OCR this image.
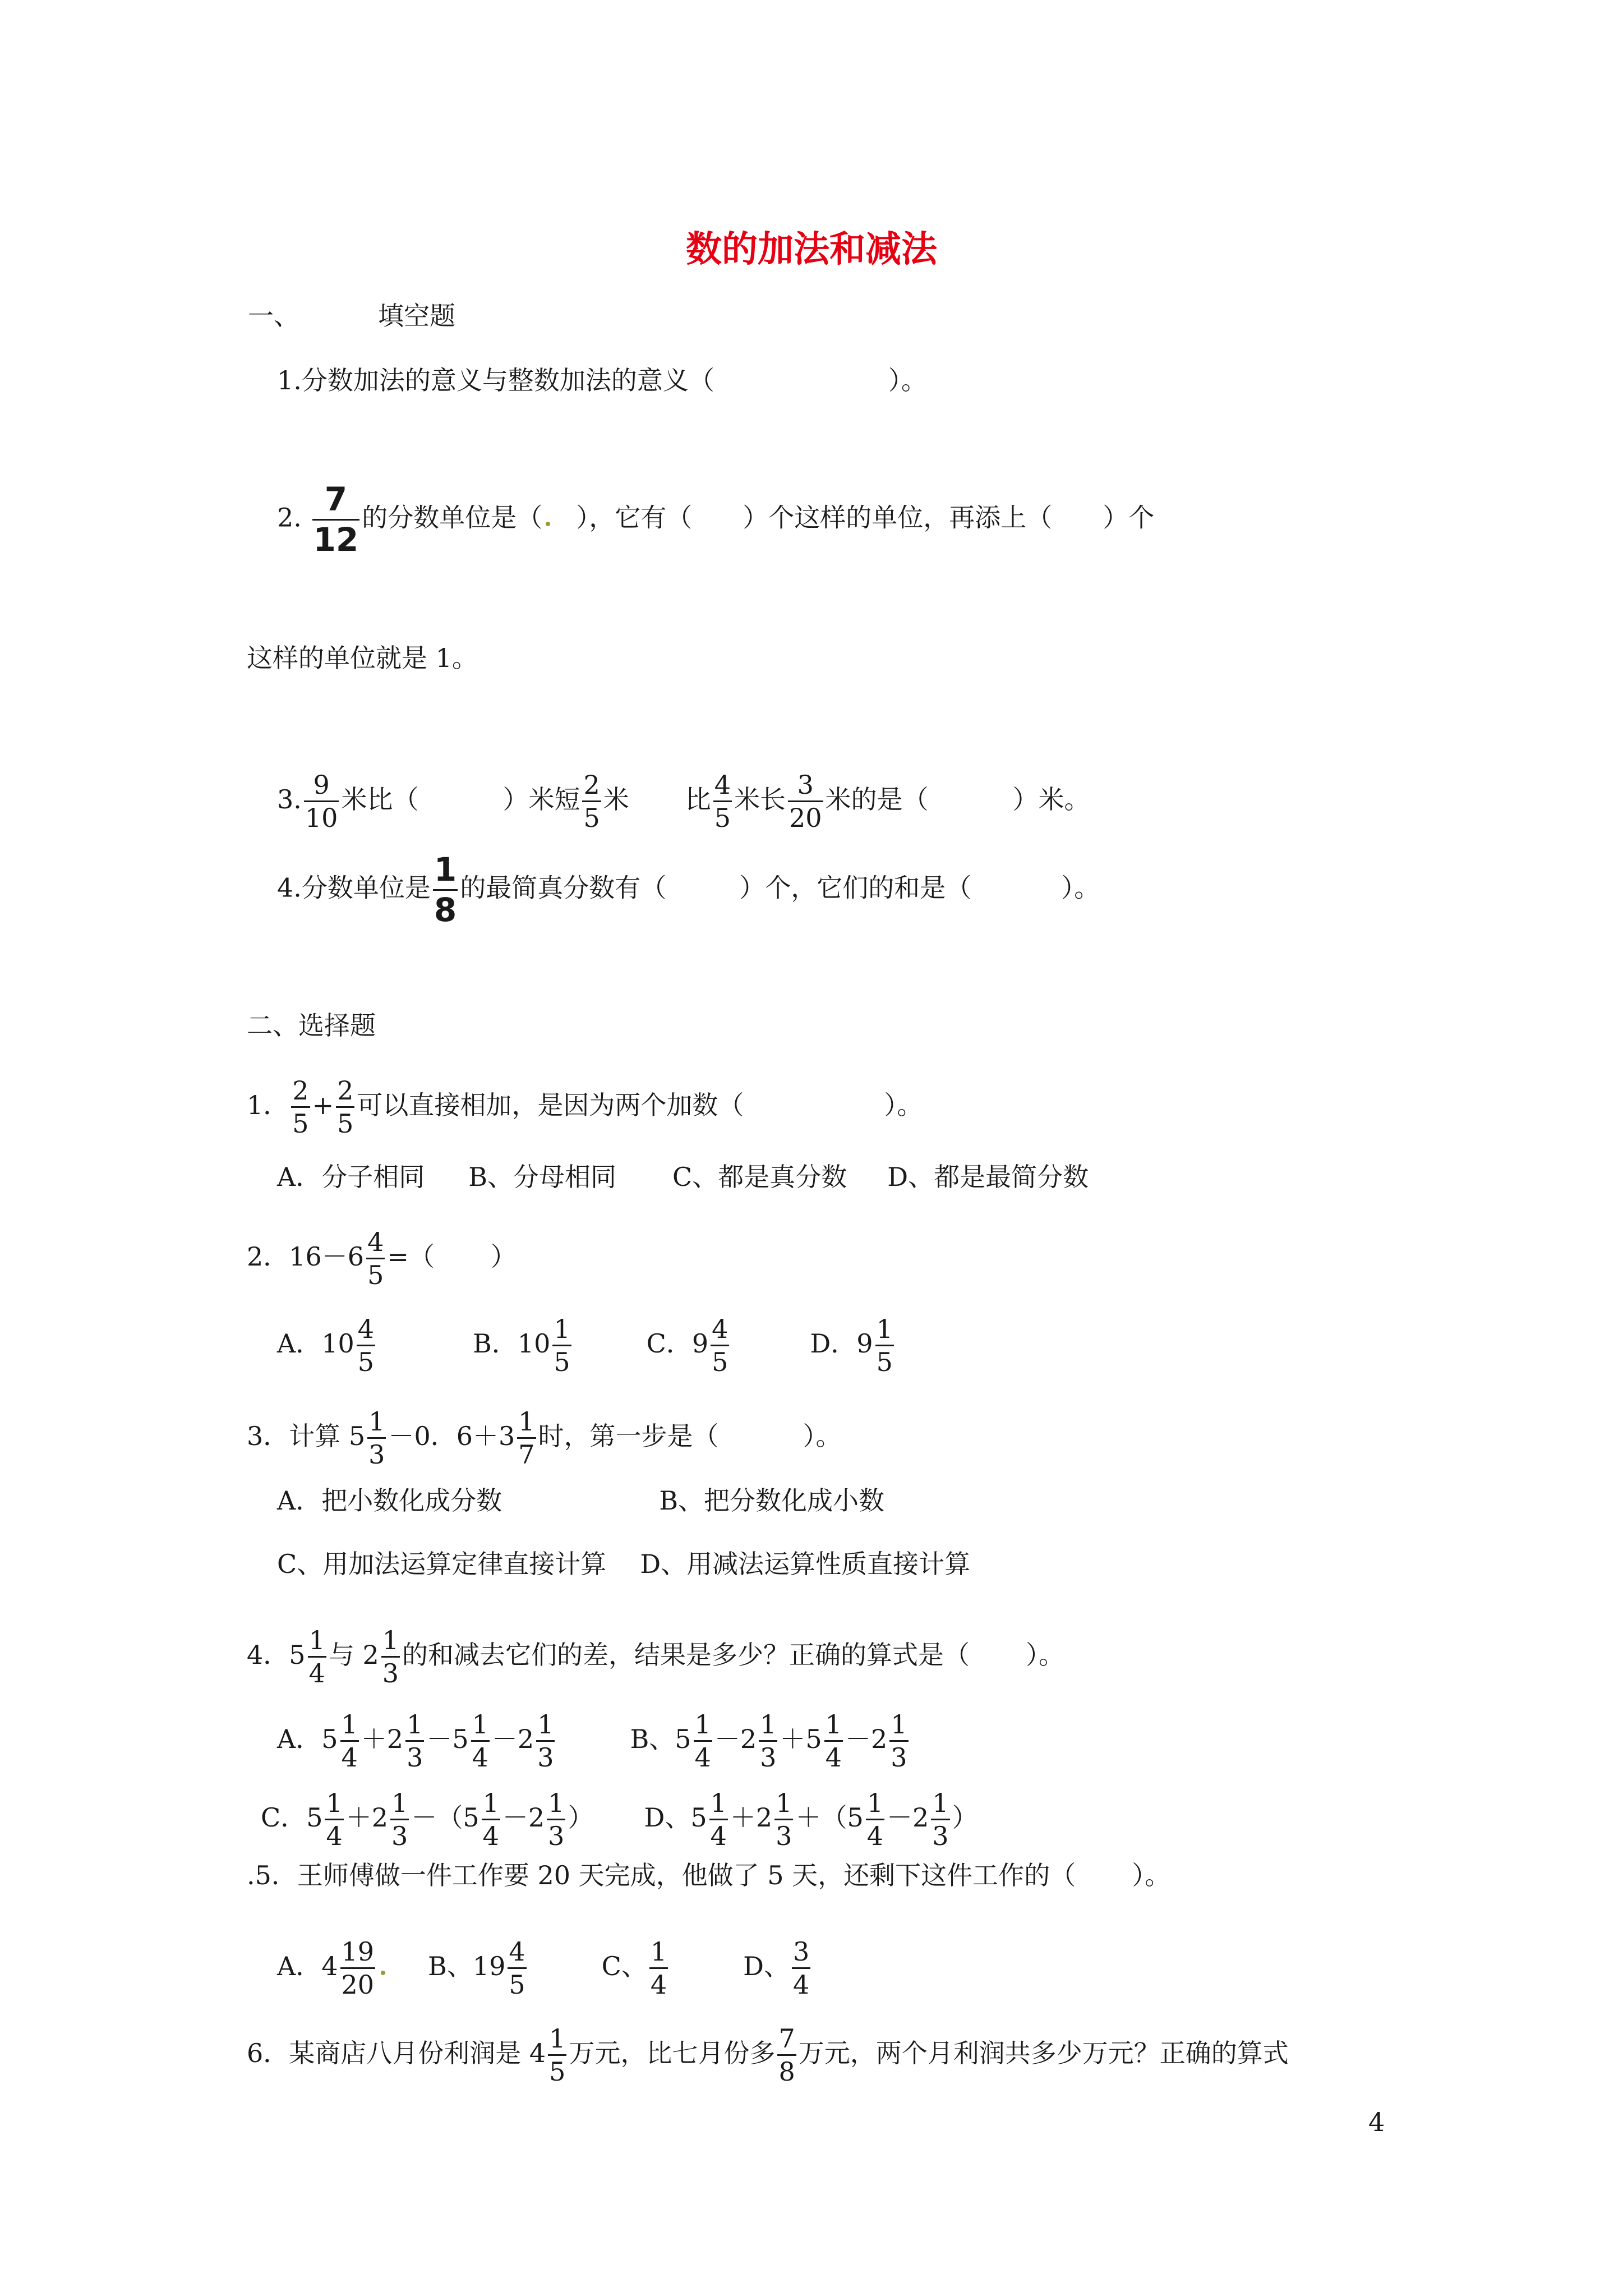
数的加法和减法
一、	填空题
1.分数加法的意义与整数加法的意义（	）。
2. $\frac{7}{12}$ 的分数单位是（ ），它有（ ）个这样的单位，再添上（ ）个
这样的单位就是 1。
3. $\frac{9}{10}$ 米比（	）米短 $\frac{2}{5}$ 米 比 $\frac{4}{5}$ 米长 $\frac{3}{20}$ 米的是（	）米。
4.分数单位是 $\frac{1}{8}$ 的最简真分数有（	）个，它们的和是（	）。
二、选择题
1． $\frac{2}{5} + \frac{2}{5}$ 可以直接相加，是因为两个加数（	）。
A．分子相同 B、分母相同 C、都是真分数 D、都是最简分数
2．$16-6 \frac{4}{5}$ =（ ）
A．$10 \frac{4}{5}$	B．$10 \frac{1}{5}$	C．$9 \frac{4}{5}$	D．$9 \frac{1}{5}$
3．计算 $5 \frac{1}{3} -0$．$6+3 \frac{1}{7}$ 时，第一步是（	）。
A．把小数化成分数	B、把分数化成小数
C、用加法运算定律直接计算 D、用减法运算性质直接计算
4．$5 \frac{1}{4}$ 与 $2 \frac{1}{3}$ 的和减去它们的差，结果是多少？正确的算式是（ ）。
A．$5 \frac{1}{4} +2 \frac{1}{3} -5 \frac{1}{4} -2 \frac{1}{3}$	B、$5 \frac{1}{4} -2 \frac{1}{3} +5 \frac{1}{4} -2 \frac{1}{3}$
C．$5 \frac{1}{4} +2 \frac{1}{3} -(5 \frac{1}{4} -2 \frac{1}{3}$ ） D、$5 \frac{1}{4} +2 \frac{1}{3} +(5 \frac{1}{4} -2 \frac{1}{3}$ ）
.5．王师傅做一件工作要 20 天完成，他做了 5 天，还剩下这件工作的（ ）。
A．$4 \frac{19}{20}$ B、$19 \frac{4}{5}$	C、 $\frac{1}{4}$	D、 $\frac{3}{4}$
6．某商店八月份利润是 $4 \frac{1}{5}$ 万元，比七月份多 $\frac{7}{8}$ 万元，两个月利润共多少万元？正确的算式
4
